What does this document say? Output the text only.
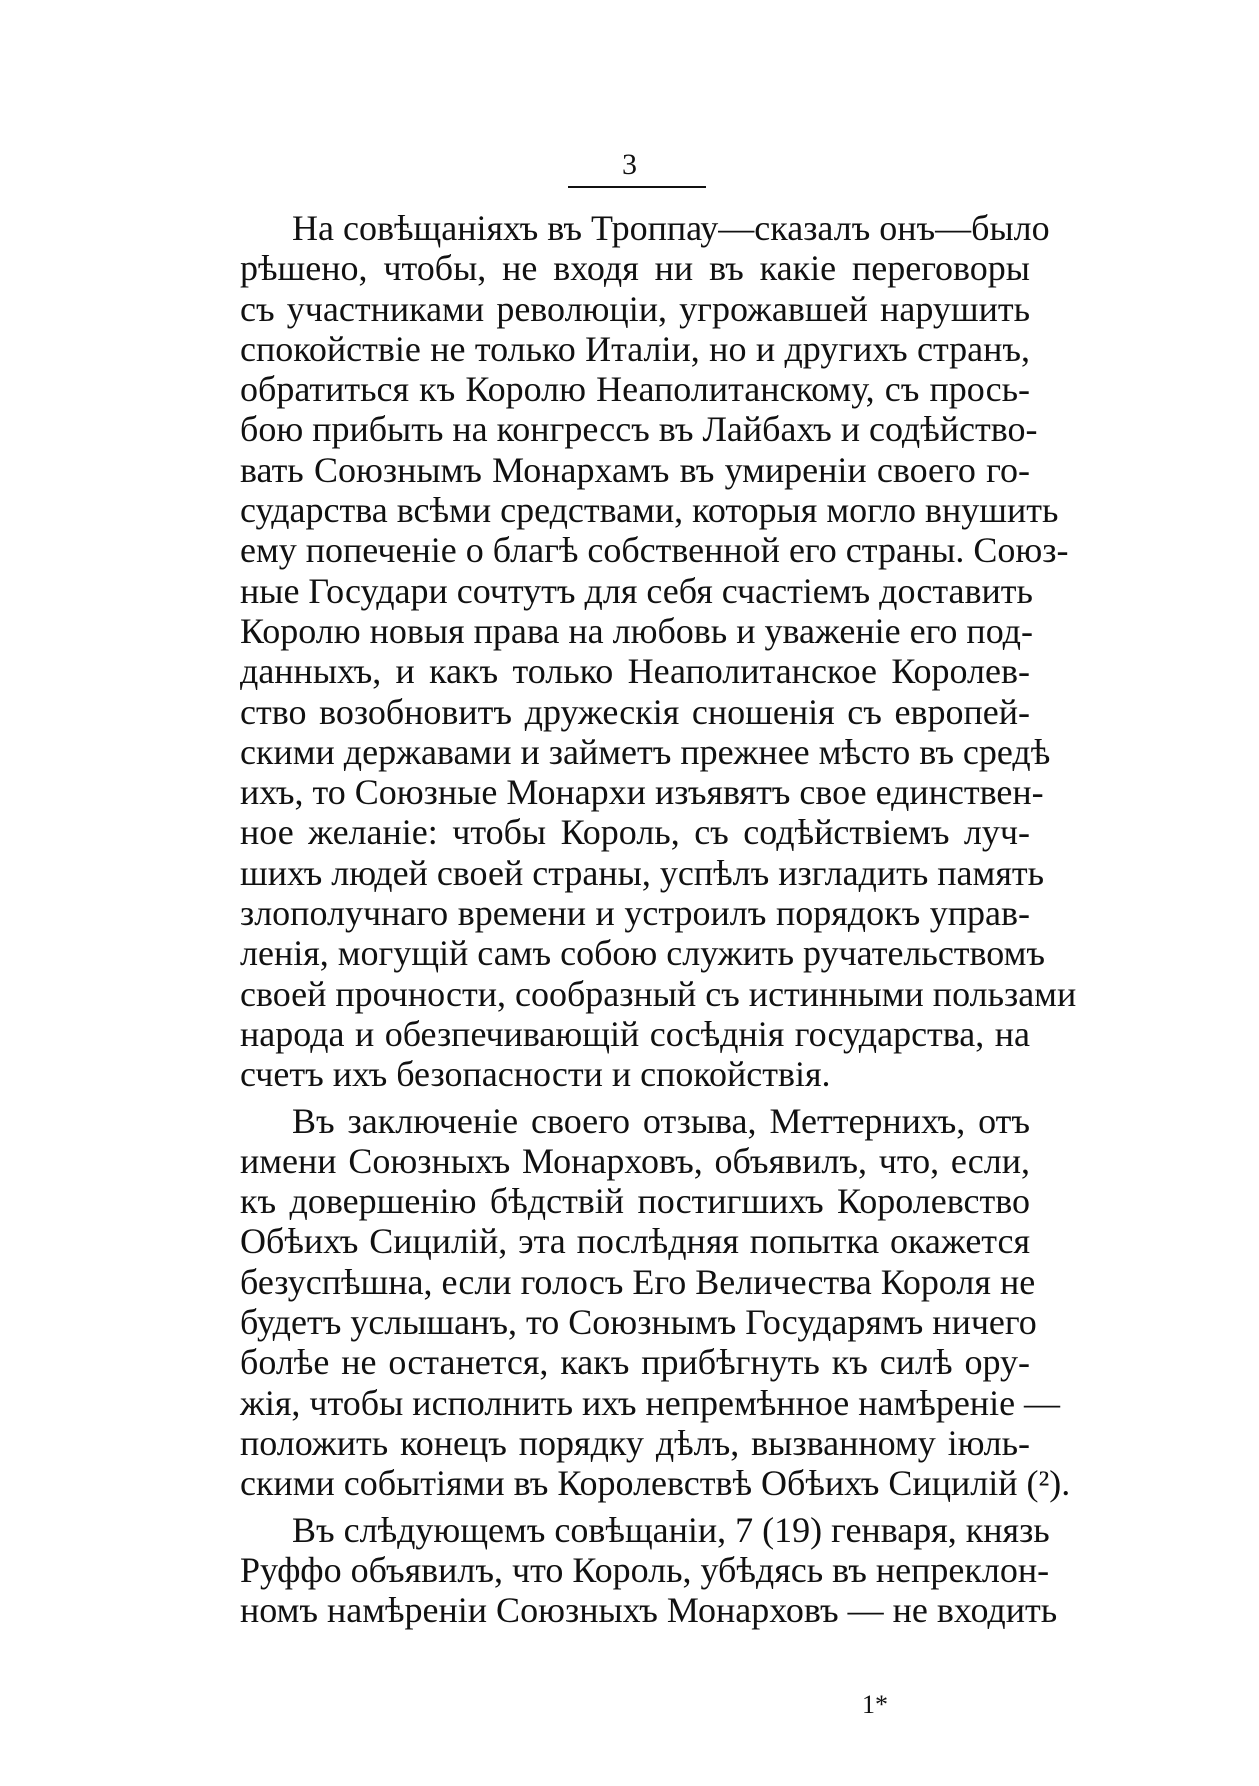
3
На совѣщаніяхъ въ Троппау—сказалъ онъ—было
рѣшено, чтобы, не входя ни въ какіе переговоры
съ участниками революціи, угрожавшей нарушить
спокойствіе не только Италіи, но и другихъ странъ,
обратиться къ Королю Неаполитанскому, съ прось-
бою прибыть на конгрессъ въ Лайбахъ и содѣйство-
вать Союзнымъ Монархамъ въ умиреніи своего го-
сударства всѣми средствами, которыя могло внушить
ему попеченіе о благѣ собственной его страны. Союз-
ные Государи сочтутъ для себя счастіемъ доставить
Королю новыя права на любовь и уваженіе его под-
данныхъ, и какъ только Неаполитанское Королев-
ство возобновитъ дружескія сношенія съ европей-
скими державами и займетъ прежнее мѣсто въ средѣ
ихъ, то Союзные Монархи изъявятъ свое единствен-
ное желаніе: чтобы Король, съ содѣйствіемъ луч-
шихъ людей своей страны, успѣлъ изгладить память
злополучнаго времени и устроилъ порядокъ управ-
ленія, могущій самъ собою служить ручательствомъ
своей прочности, сообразный съ истинными пользами
народа и обезпечивающій сосѣднія государства, на
счетъ ихъ безопасности и спокойствія.
Въ заключеніе своего отзыва, Меттернихъ, отъ
имени Союзныхъ Монарховъ, объявилъ, что, если,
къ довершенію бѣдствій постигшихъ Королевство
Обѣихъ Сицилій, эта послѣдняя попытка окажется
безуспѣшна, если голосъ Его Величества Короля не
будетъ услышанъ, то Союзнымъ Государямъ ничего
болѣе не останется, какъ прибѣгнуть къ силѣ ору-
жія, чтобы исполнить ихъ непремѣнное намѣреніе —
положить конецъ порядку дѣлъ, вызванному іюль-
скими событіями въ Королевствѣ Обѣихъ Сицилій (²).
Въ слѣдующемъ совѣщаніи, 7 (19) генваря, князь
Руффо объявилъ, что Король, убѣдясь въ непреклон-
номъ намѣреніи Союзныхъ Монарховъ — не входить
1*
